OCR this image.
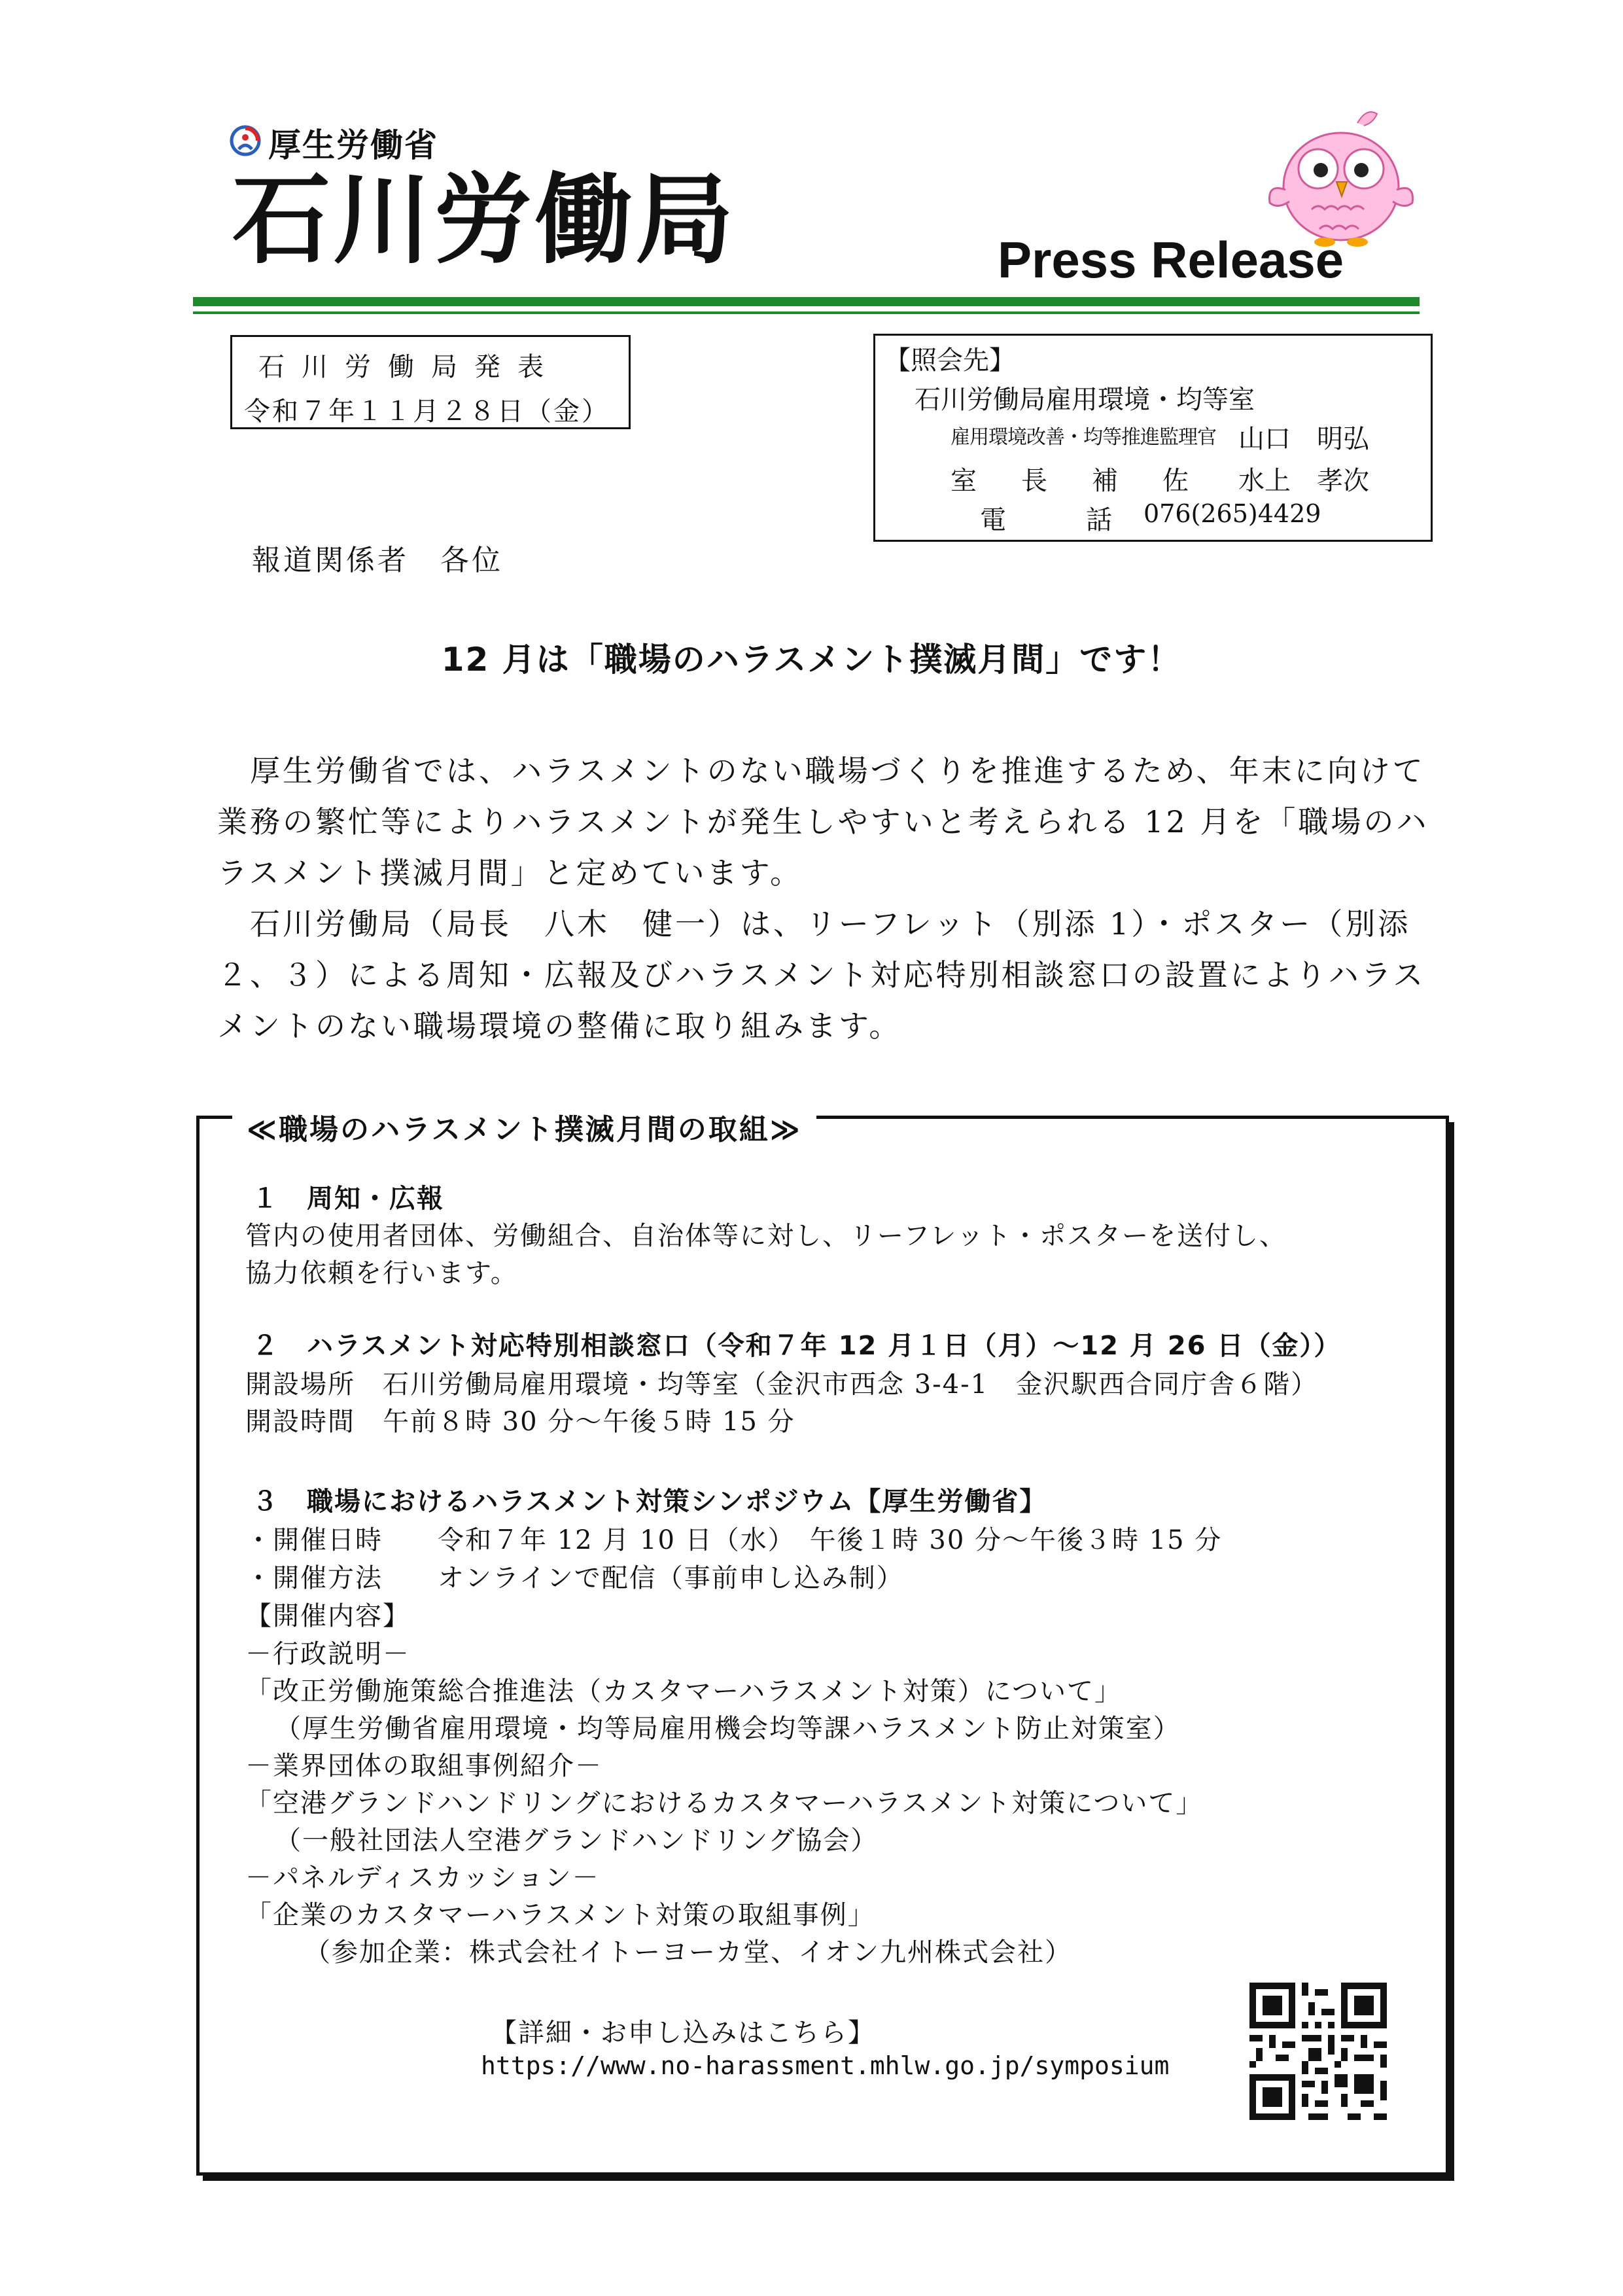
厚生労働省
石川労働局	Press Release
石川労働局発表
令和７年１１月２８日（金）
【照会先】
石川労働局雇用環境・均等室
雇用環境改善・均等推進監理官 山口　明弘
室　長　補　佐 水上　孝次
電　　話 076(265)4429
報道関係者　各位
12 月は「職場のハラスメント撲滅月間」です！
厚生労働省では、ハラスメントのない職場づくりを推進するため、年末に向けて
業務の繁忙等によりハラスメントが発生しやすいと考えられる 12 月を「職場のハ
ラスメント撲滅月間」と定めています。
石川労働局（局長　八木　健一）は、リーフレット（別添 1）・ポスター（別添
２、３）による周知・広報及びハラスメント対応特別相談窓口の設置によりハラス
メントのない職場環境の整備に取り組みます。
≪職場のハラスメント撲滅月間の取組≫
１　周知・広報
管内の使用者団体、労働組合、自治体等に対し、リーフレット・ポスターを送付し、
協力依頼を行います。
２　ハラスメント対応特別相談窓口（令和７年 12 月１日（月）～12 月 26 日（金））
開設場所　石川労働局雇用環境・均等室（金沢市西念 3-4-1　金沢駅西合同庁舎６階）
開設時間　午前８時 30 分～午後５時 15 分
３　職場におけるハラスメント対策シンポジウム【厚生労働省】
・開催日時　　令和７年 12 月 10 日（水）　午後１時 30 分～午後３時 15 分
・開催方法　　オンラインで配信（事前申し込み制）
【開催内容】
－行政説明－
「改正労働施策総合推進法（カスタマーハラスメント対策）について」
（厚生労働省雇用環境・均等局雇用機会均等課ハラスメント防止対策室）
－業界団体の取組事例紹介－
「空港グランドハンドリングにおけるカスタマーハラスメント対策について」
（一般社団法人空港グランドハンドリング協会）
－パネルディスカッション－
「企業のカスタマーハラスメント対策の取組事例」
（参加企業：株式会社イトーヨーカ堂、イオン九州株式会社）
【詳細・お申し込みはこちら】
https://www.no-harassment.mhlw.go.jp/symposium
